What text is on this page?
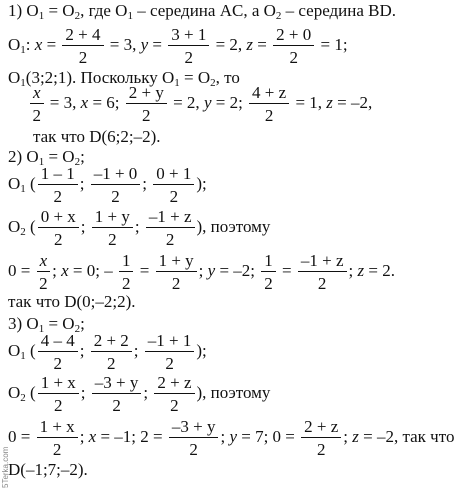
1) $O_1 = O_2$, где $O_1$ – середина AC, а $O_2$ – середина BD.
$O_1$: $x = \frac{2 + 4}{2} = 3$, $y = \frac{3 + 1}{2} = 2$, $z = \frac{2 + 0}{2} = 1$;
$O_1(3;2;1)$. Поскольку $O_1 = O_2$, то
$\frac{x}{2} = 3$, x = 6; $\frac{2 + y}{2} = 2$, y = 2; $\frac{4 + z}{2} = 1$, z = –2,
так что D(6;2;–2).
2) $O_1 = O_2$;
$O_1$ ( $\frac{1 - 1}{2}$ ; $\frac{-1 + 0}{2}$ ; $\frac{0 + 1}{2}$ );
$O_2$ ( $\frac{0 + x}{2}$ ; $\frac{1 + y}{2}$ ; $\frac{-1 + z}{2}$ ), поэтому
$0 = \frac{x}{2}$ ; x = 0; – $\frac{1}{2} = \frac{1 + y}{2}$ ; y = –2; $\frac{1}{2} = \frac{-1 + z}{2}$ ; z = 2.
так что D(0;–2;2).
3) $O_1 = O_2$;
$O_1$ ( $\frac{4 - 4}{2}$ ; $\frac{2 + 2}{2}$ ; $\frac{-1 + 1}{2}$ );
$O_2$ ( $\frac{1 + x}{2}$ ; $\frac{-3 + y}{2}$ ; $\frac{2 + z}{2}$ ), поэтому
$0 = \frac{1 + x}{2}$ ; x = –1; $2 = \frac{-3 + y}{2}$ ; y = 7; $0 = \frac{2 + z}{2}$ ; z = –2, так что
D(–1;7;–2).
5Terka.com
